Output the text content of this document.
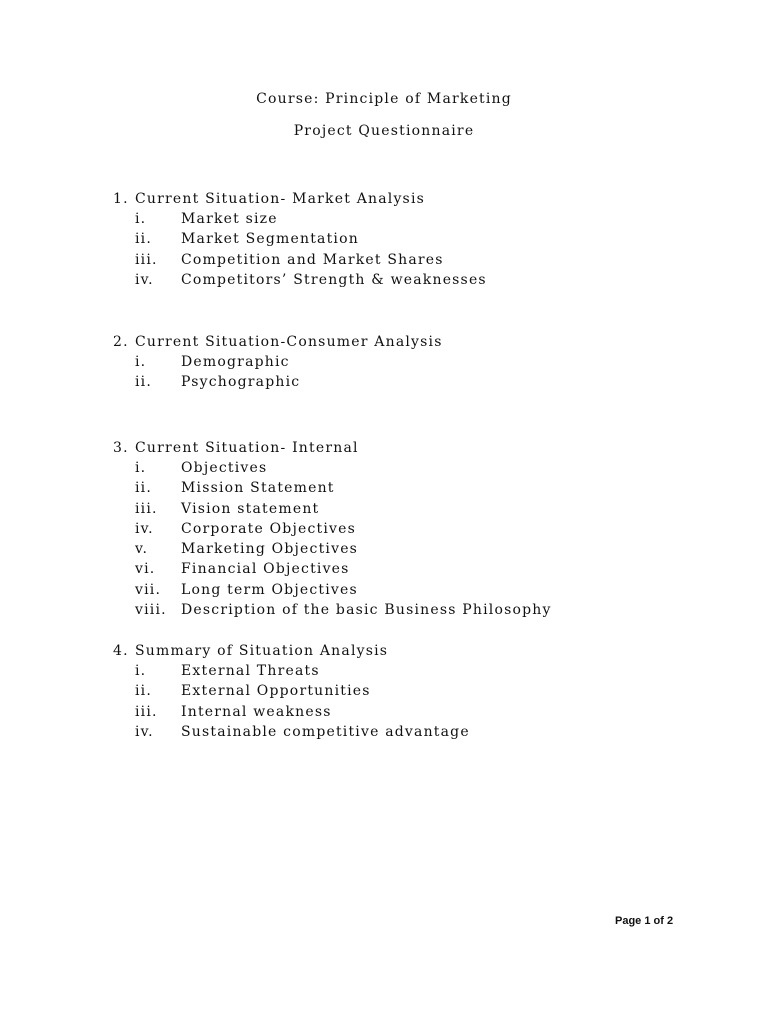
Course: Principle of Marketing
Project Questionnaire
1. Current Situation- Market Analysis
i. Market size
ii. Market Segmentation
iii. Competition and Market Shares
iv. Competitors’ Strength & weaknesses
2. Current Situation-Consumer Analysis
i. Demographic
ii. Psychographic
3. Current Situation- Internal
i. Objectives
ii. Mission Statement
iii. Vision statement
iv. Corporate Objectives
v. Marketing Objectives
vi. Financial Objectives
vii. Long term Objectives
viii. Description of the basic Business Philosophy
4. Summary of Situation Analysis
i. External Threats
ii. External Opportunities
iii. Internal weakness
iv. Sustainable competitive advantage
Page 1 of 2
